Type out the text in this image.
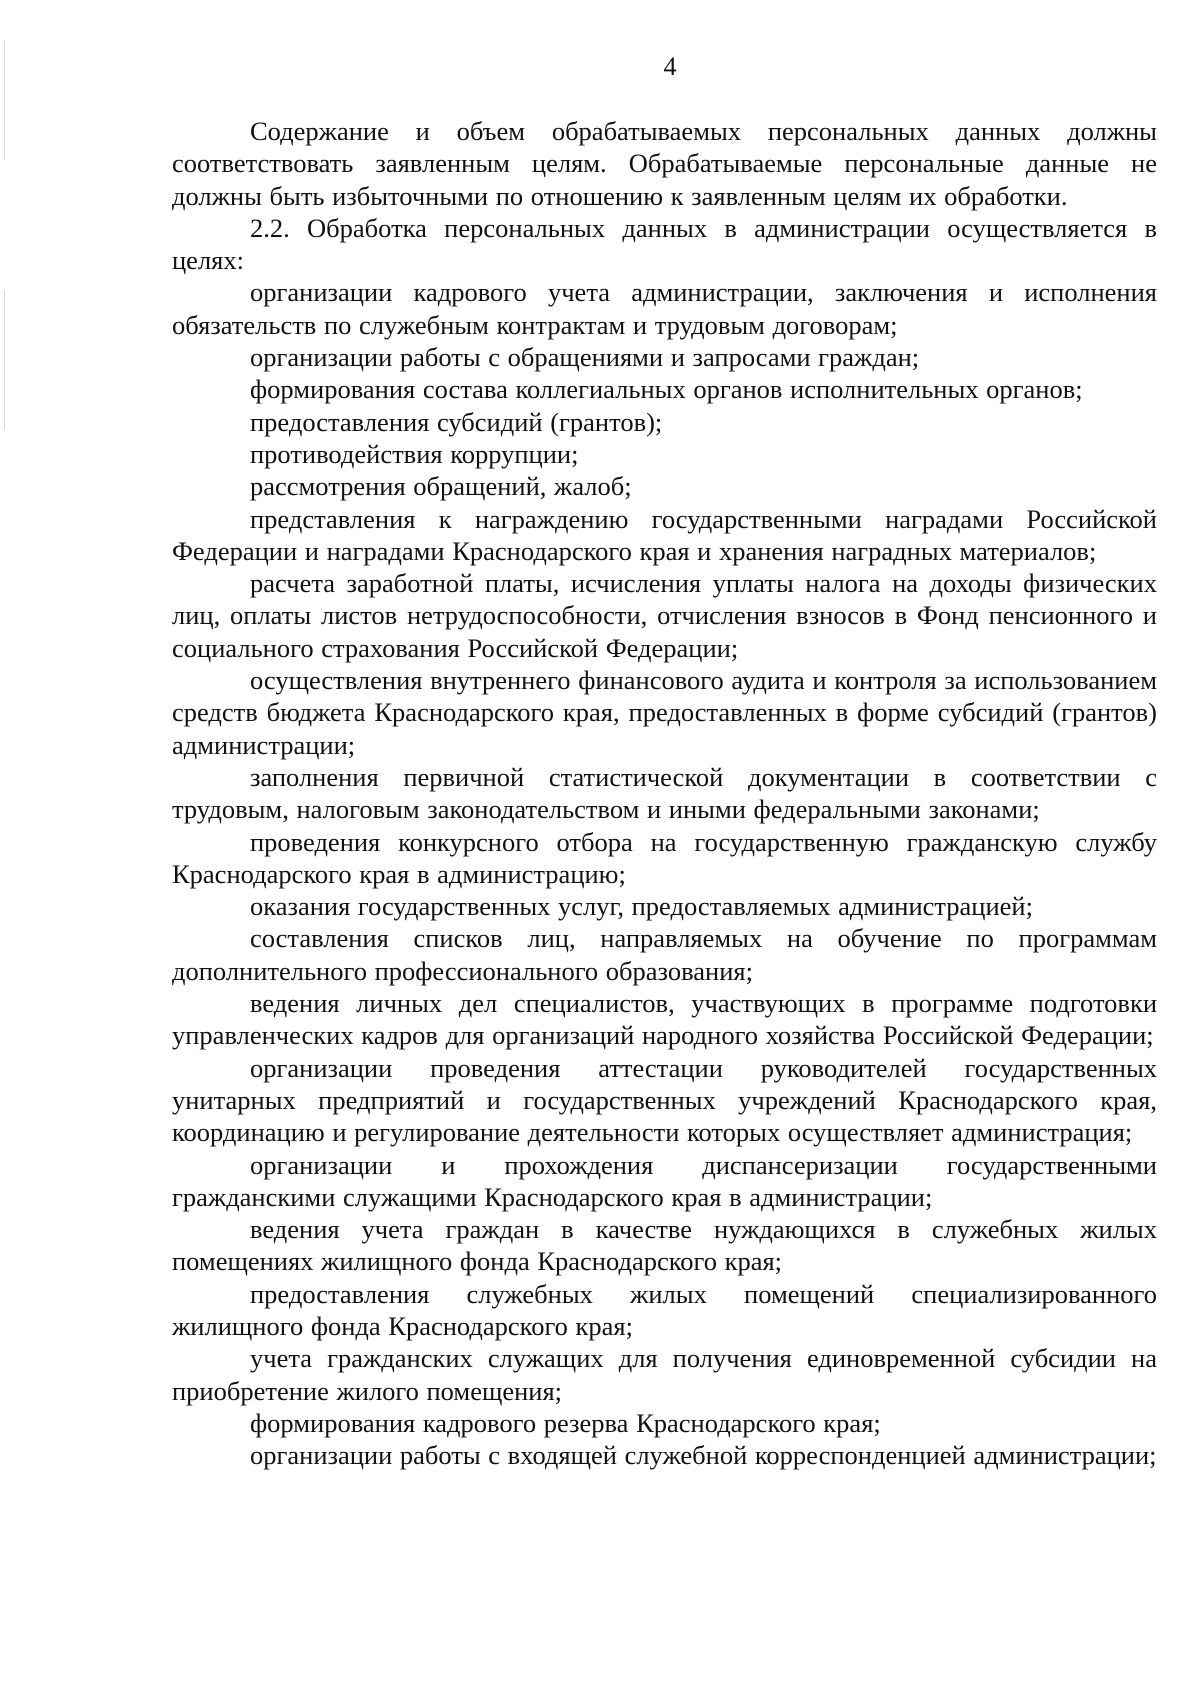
4

Содержание и объем обрабатываемых персональных данных должны соответствовать заявленным целям. Обрабатываемые персональные данные не должны быть избыточными по отношению к заявленным целям их обработки.

2.2. Обработка персональных данных в администрации осуществляется в целях:

организации кадрового учета администрации, заключения и исполнения обязательств по служебным контрактам и трудовым договорам;

организации работы с обращениями и запросами граждан;

формирования состава коллегиальных органов исполнительных органов;

предоставления субсидий (грантов);

противодействия коррупции;

рассмотрения обращений, жалоб;

представления к награждению государственными наградами Российской Федерации и наградами Краснодарского края и хранения наградных материалов;

расчета заработной платы, исчисления уплаты налога на доходы физических лиц, оплаты листов нетрудоспособности, отчисления взносов в Фонд пенсионного и социального страхования Российской Федерации;

осуществления внутреннего финансового аудита и контроля за использованием средств бюджета Краснодарского края, предоставленных в форме субсидий (грантов) администрации;

заполнения первичной статистической документации в соответствии с трудовым, налоговым законодательством и иными федеральными законами;

проведения конкурсного отбора на государственную гражданскую службу Краснодарского края в администрацию;

оказания государственных услуг, предоставляемых администрацией;

составления списков лиц, направляемых на обучение по программам дополнительного профессионального образования;

ведения личных дел специалистов, участвующих в программе подготовки управленческих кадров для организаций народного хозяйства Российской Федерации;

организации проведения аттестации руководителей государственных унитарных предприятий и государственных учреждений Краснодарского края, координацию и регулирование деятельности которых осуществляет администрация;

организации и прохождения диспансеризации государственными гражданскими служащими Краснодарского края в администрации;

ведения учета граждан в качестве нуждающихся в служебных жилых помещениях жилищного фонда Краснодарского края;

предоставления служебных жилых помещений специализированного жилищного фонда Краснодарского края;

учета гражданских служащих для получения единовременной субсидии на приобретение жилого помещения;

формирования кадрового резерва Краснодарского края;

организации работы с входящей служебной корреспонденцией администрации;
